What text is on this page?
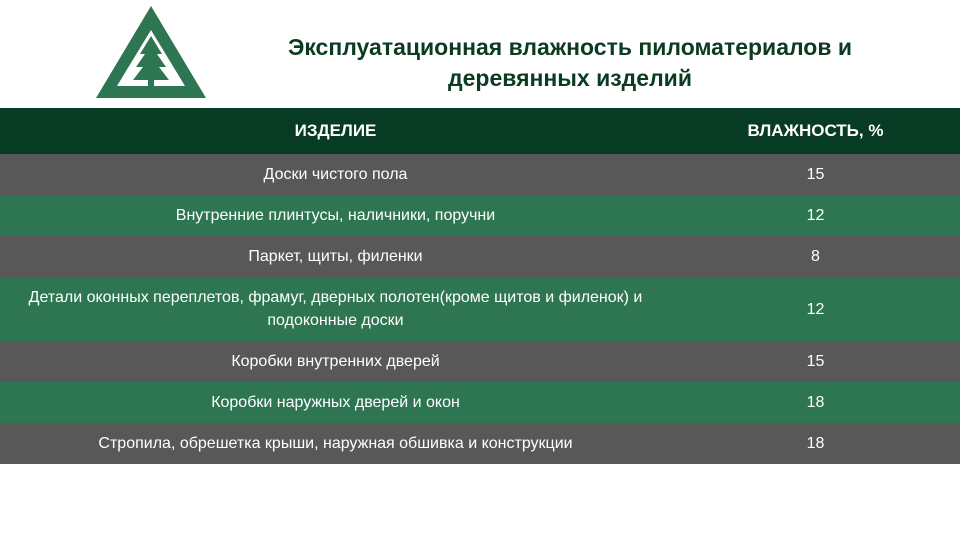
Эксплуатационная влажность пиломатериалов и
деревянных изделий
ИЗДЕЛИЕ	ВЛАЖНОСТЬ, %
Доски чистого пола	15
Внутренние плинтусы, наличники, поручни	12
Паркет, щиты, филенки	8
Детали оконных переплетов, фрамуг, дверных полотен(кроме щитов и филенок) и подоконные доски	12
Коробки внутренних дверей	15
Коробки наружных дверей и окон	18
Стропила, обрешетка крыши, наружная обшивка и конструкции	18
